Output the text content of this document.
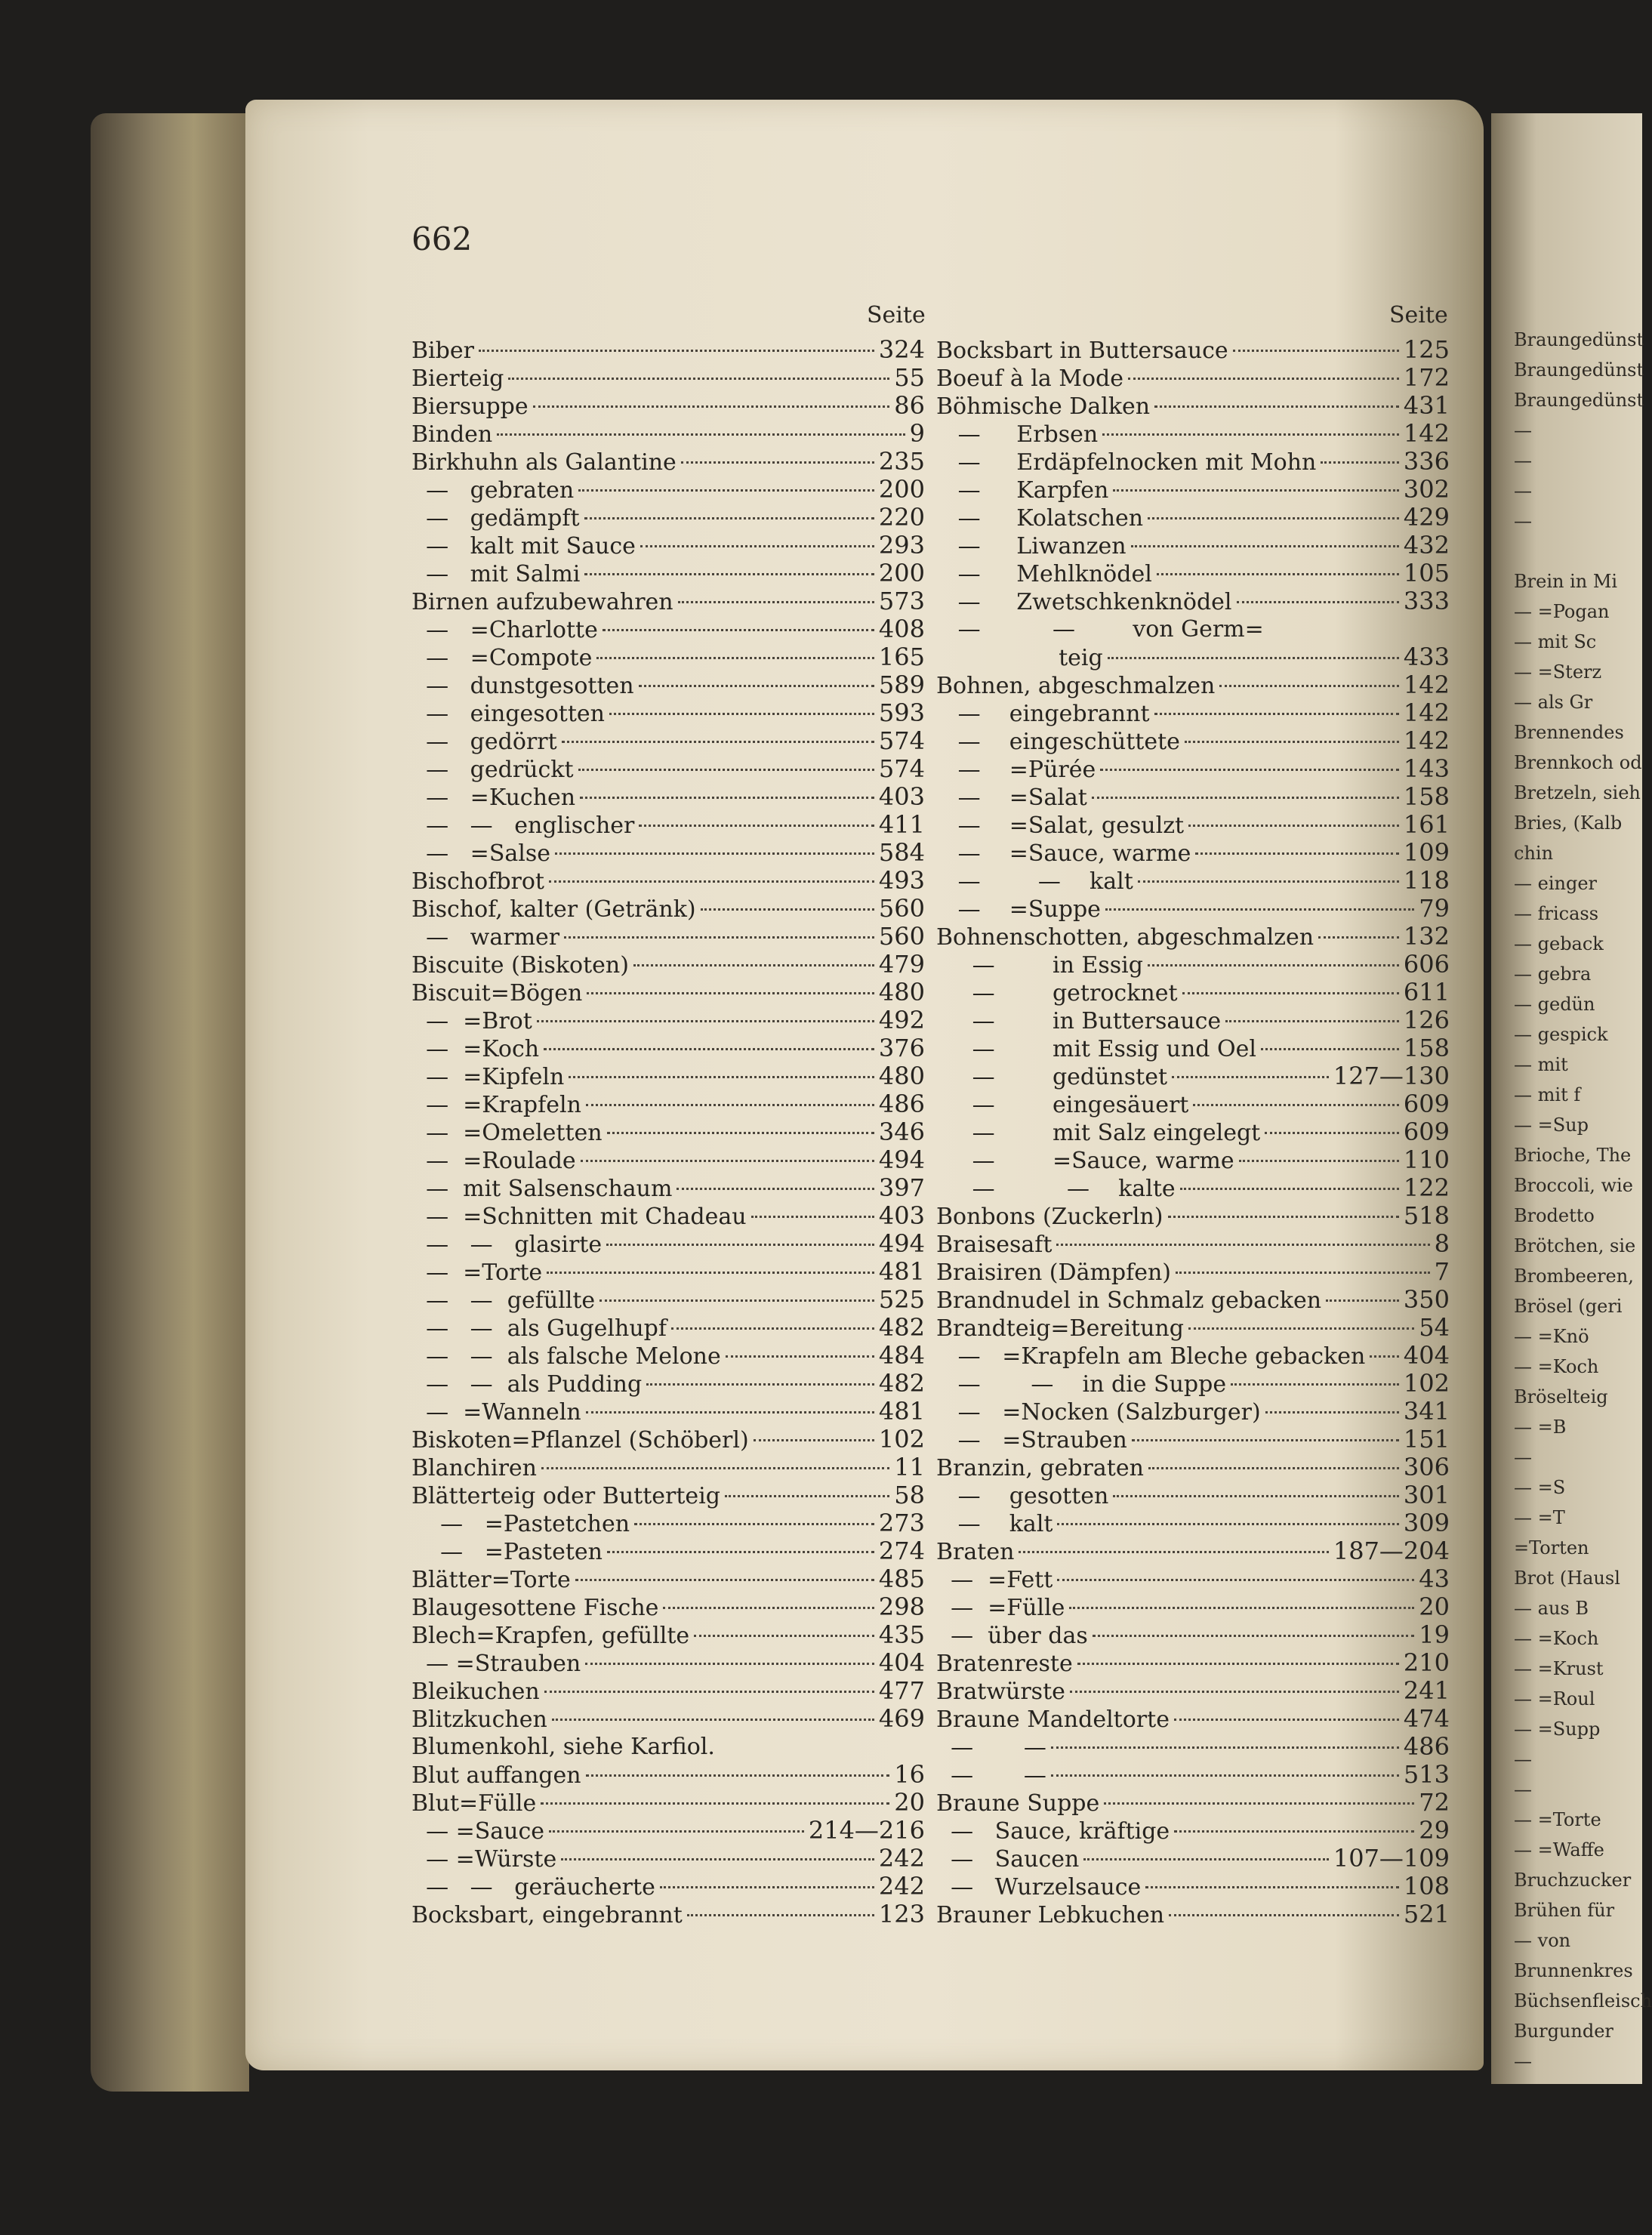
662
Seite	Seite
Biber	324
Bierteig	55
Biersuppe	86
Binden	9
Birkhuhn als Galantine	235
—   gebraten	200
—   gedämpft	220
—   kalt mit Sauce	293
—   mit Salmi	200
Birnen aufzubewahren	573
—   =Charlotte	408
—   =Compote	165
—   dunstgesotten	589
—   eingesotten	593
—   gedörrt	574
—   gedrückt	574
—   =Kuchen	403
—   —   englischer	411
—   =Salse	584
Bischofbrot	493
Bischof, kalter (Getränk)	560
—   warmer	560
Biscuite (Biskoten)	479
Biscuit=Bögen	480
—  =Brot	492
—  =Koch	376
—  =Kipfeln	480
—  =Krapfeln	486
—  =Omeletten	346
—  =Roulade	494
—  mit Salsenschaum	397
—  =Schnitten mit Chadeau	403
—   —   glasirte	494
—  =Torte	481
—   —  gefüllte	525
—   —  als Gugelhupf	482
—   —  als falsche Melone	484
—   —  als Pudding	482
—  =Wanneln	481
Biskoten=Pflanzel (Schöberl)	102
Blanchiren	11
Blätterteig oder Butterteig	58
—   =Pastetchen	273
—   =Pasteten	274
Blätter=Torte	485
Blaugesottene Fische	298
Blech=Krapfen, gefüllte	435
— =Strauben	404
Bleikuchen	477
Blitzkuchen	469
Blumenkohl, siehe Karfiol.
Blut auffangen	16
Blut=Fülle	20
— =Sauce	214—216
— =Würste	242
—   —   geräucherte	242
Bocksbart, eingebrannt	123
Bocksbart in Buttersauce	125
Boeuf à la Mode	172
Böhmische Dalken	431
—     Erbsen	142
—     Erdäpfelnocken mit Mohn	336
—     Karpfen	302
—     Kolatschen	429
—     Liwanzen	432
—     Mehlknödel	105
—     Zwetschkenknödel	333
—          —        von Germ=
teig	433
Bohnen, abgeschmalzen	142
—    eingebrannt	142
—    eingeschüttete	142
—    =Pürée	143
—    =Salat	158
—    =Salat, gesulzt	161
—    =Sauce, warme	109
—        —    kalt	118
—    =Suppe	79
Bohnenschotten, abgeschmalzen	132
—        in Essig	606
—        getrocknet	611
—        in Buttersauce	126
—        mit Essig und Oel	158
—        gedünstet	127—130
—        eingesäuert	609
—        mit Salz eingelegt	609
—        =Sauce, warme	110
—          —    kalte	122
Bonbons (Zuckerln)	518
Braisesaft	8
Braisiren (Dämpfen)	7
Brandnudel in Schmalz gebacken	350
Brandteig=Bereitung	54
—   =Krapfeln am Bleche gebacken 404
—       —    in die Suppe	102
—   =Nocken (Salzburger)	341
—   =Strauben	151
Branzin, gebraten	306
—    gesotten	301
—    kalt	309
Braten	187—204
—  =Fett	43
—  =Fülle	20
—  über das	19
Bratenreste	210
Bratwürste	241
Braune Mandeltorte	474
—       —	486
—       —	513
Braune Suppe	72
—   Sauce, kräftige	29
—   Saucen	107—109
—   Wurzelsauce	108
Brauner Lebkuchen	521
Braungedünst
Braungedünst
Braungedünst
—
—
—
—
Brein in Mi
— =Pogan
— mit Sc
— =Sterz
— als Gr
Brennendes
Brennkoch od
Bretzeln, sieh
Bries, (Kalb
chin
— einger
— fricass
— geback
— gebra
— gedün
— gespick
— mit
— mit f
— =Sup
Brioche, The
Broccoli, wie
Brodetto
Brötchen, sie
Brombeeren,
Brösel (geri
— =Knö
— =Koch
Bröselteig
— =B
—
— =S
— =T
=Torten
Brot (Hausl
— aus B
— =Koch
— =Krust
— =Roul
— =Supp
—
—
— =Torte
— =Waffe
Bruchzucker
Brühen für
— von
Brunnenkres
Büchsenfleisch
Burgunder
—
